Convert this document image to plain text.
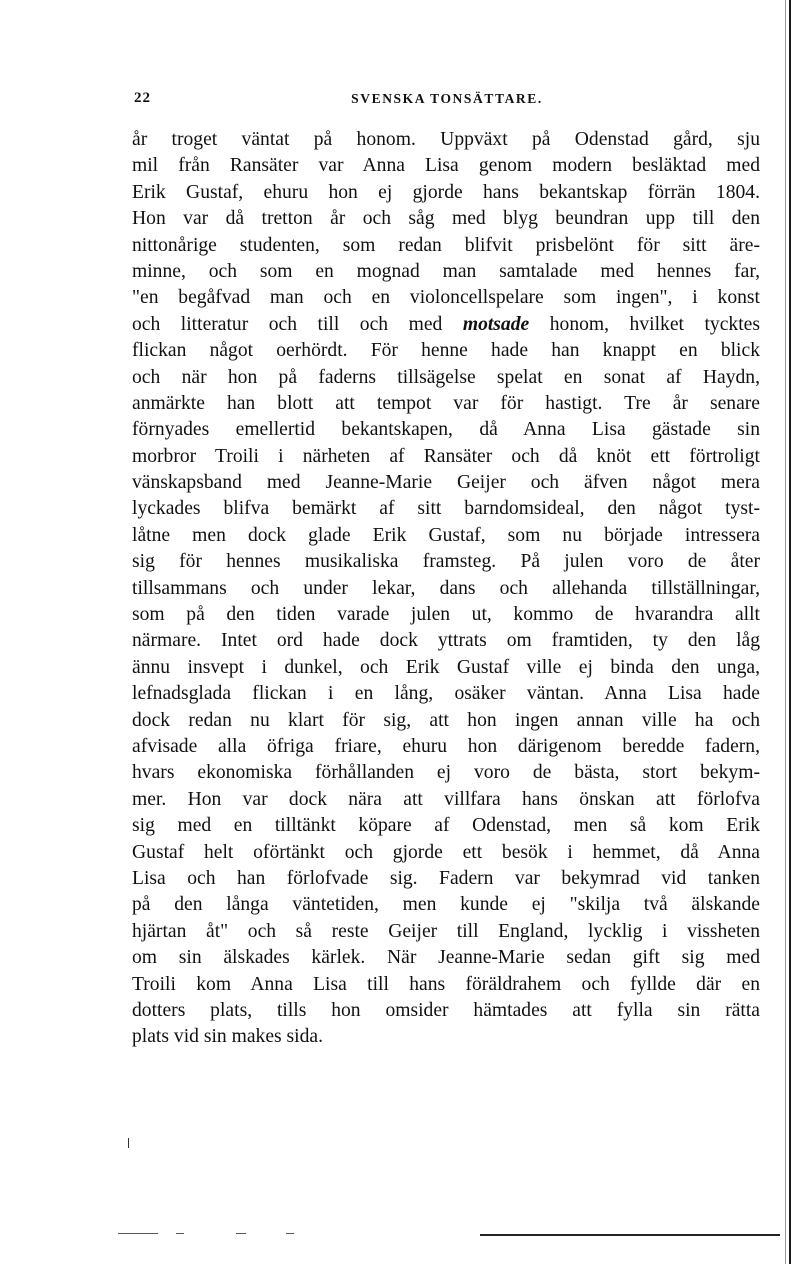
22	SVENSKA TONSÄTTARE.
år troget väntat på honom. Uppväxt på Odenstad gård, sju
mil från Ransäter var Anna Lisa genom modern besläktad med
Erik Gustaf, ehuru hon ej gjorde hans bekantskap förrän 1804.
Hon var då tretton år och såg med blyg beundran upp till den
nittonårige studenten, som redan blifvit prisbelönt för sitt äre-
minne, och som en mognad man samtalade med hennes far,
"en begåfvad man och en violoncellspelare som ingen", i konst
och litteratur och till och med motsade honom, hvilket tycktes
flickan något oerhördt. För henne hade han knappt en blick
och när hon på faderns tillsägelse spelat en sonat af Haydn,
anmärkte han blott att tempot var för hastigt. Tre år senare
förnyades emellertid bekantskapen, då Anna Lisa gästade sin
morbror Troili i närheten af Ransäter och då knöt ett förtroligt
vänskapsband med Jeanne-Marie Geijer och äfven något mera
lyckades blifva bemärkt af sitt barndomsideal, den något tyst-
låtne men dock glade Erik Gustaf, som nu började intressera
sig för hennes musikaliska framsteg. På julen voro de åter
tillsammans och under lekar, dans och allehanda tillställningar,
som på den tiden varade julen ut, kommo de hvarandra allt
närmare. Intet ord hade dock yttrats om framtiden, ty den låg
ännu insvept i dunkel, och Erik Gustaf ville ej binda den unga,
lefnadsglada flickan i en lång, osäker väntan. Anna Lisa hade
dock redan nu klart för sig, att hon ingen annan ville ha och
afvisade alla öfriga friare, ehuru hon därigenom beredde fadern,
hvars ekonomiska förhållanden ej voro de bästa, stort bekym-
mer. Hon var dock nära att villfara hans önskan att förlofva
sig med en tilltänkt köpare af Odenstad, men så kom Erik
Gustaf helt oförtänkt och gjorde ett besök i hemmet, då Anna
Lisa och han förlofvade sig. Fadern var bekymrad vid tanken
på den långa väntetiden, men kunde ej "skilja två älskande
hjärtan åt" och så reste Geijer till England, lycklig i vissheten
om sin älskades kärlek. När Jeanne-Marie sedan gift sig med
Troili kom Anna Lisa till hans föräldrahem och fyllde där en
dotters plats, tills hon omsider hämtades att fylla sin rätta
plats vid sin makes sida.
